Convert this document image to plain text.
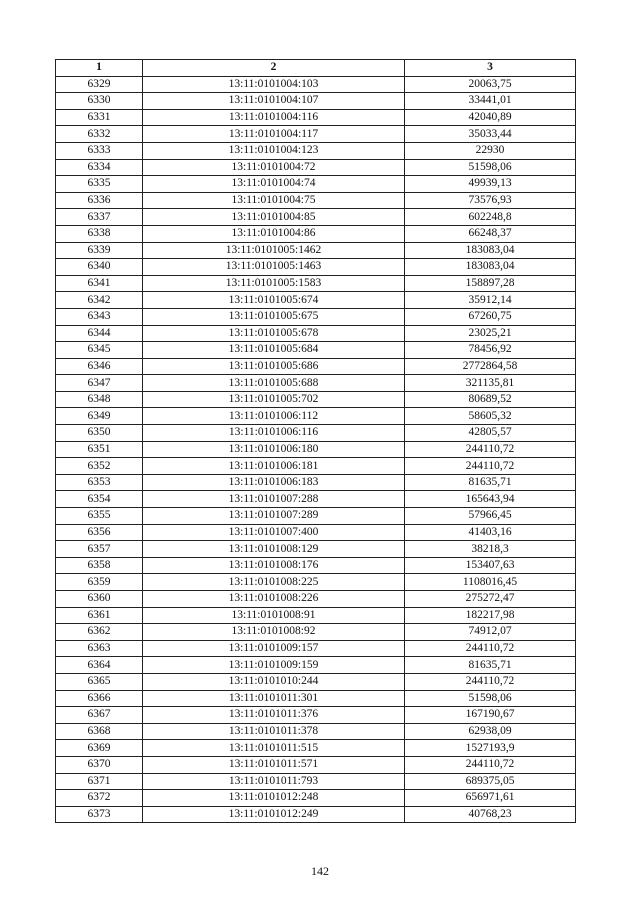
1	2	3
6329	13:11:0101004:103	20063,75
6330	13:11:0101004:107	33441,01
6331	13:11:0101004:116	42040,89
6332	13:11:0101004:117	35033,44
6333	13:11:0101004:123	22930
6334	13:11:0101004:72	51598,06
6335	13:11:0101004:74	49939,13
6336	13:11:0101004:75	73576,93
6337	13:11:0101004:85	602248,8
6338	13:11:0101004:86	66248,37
6339	13:11:0101005:1462	183083,04
6340	13:11:0101005:1463	183083,04
6341	13:11:0101005:1583	158897,28
6342	13:11:0101005:674	35912,14
6343	13:11:0101005:675	67260,75
6344	13:11:0101005:678	23025,21
6345	13:11:0101005:684	78456,92
6346	13:11:0101005:686	2772864,58
6347	13:11:0101005:688	321135,81
6348	13:11:0101005:702	80689,52
6349	13:11:0101006:112	58605,32
6350	13:11:0101006:116	42805,57
6351	13:11:0101006:180	244110,72
6352	13:11:0101006:181	244110,72
6353	13:11:0101006:183	81635,71
6354	13:11:0101007:288	165643,94
6355	13:11:0101007:289	57966,45
6356	13:11:0101007:400	41403,16
6357	13:11:0101008:129	38218,3
6358	13:11:0101008:176	153407,63
6359	13:11:0101008:225	1108016,45
6360	13:11:0101008:226	275272,47
6361	13:11:0101008:91	182217,98
6362	13:11:0101008:92	74912,07
6363	13:11:0101009:157	244110,72
6364	13:11:0101009:159	81635,71
6365	13:11:0101010:244	244110,72
6366	13:11:0101011:301	51598,06
6367	13:11:0101011:376	167190,67
6368	13:11:0101011:378	62938,09
6369	13:11:0101011:515	1527193,9
6370	13:11:0101011:571	244110,72
6371	13:11:0101011:793	689375,05
6372	13:11:0101012:248	656971,61
6373	13:11:0101012:249	40768,23
142
